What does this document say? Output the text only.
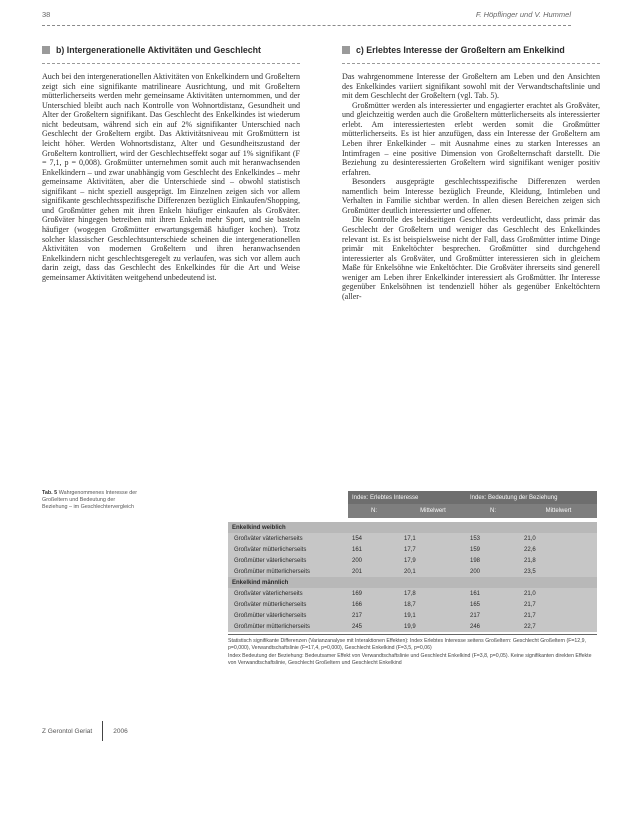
38	F. Höpflinger und V. Hummel
b) Intergenerationelle Aktivitäten und Geschlecht

Auch bei den intergenerationellen Aktivitäten von Enkelkindern und Großeltern zeigt sich eine signifikante matrilineare Ausrichtung, und mit Großeltern mütterlicherseits werden mehr gemeinsame Aktivitäten unternommen, und der Unterschied bleibt auch nach Kontrolle von Wohnortdistanz, Gesundheit und Alter der Großeltern signifikant. Das Geschlecht des Enkelkindes ist wiederum nicht bedeutsam, während sich ein auf 2% signifikanter Unterschied nach Geschlecht der Großeltern ergibt. Das Aktivitätsniveau mit Großmüttern ist leicht höher. Werden Wohnortsdistanz, Alter und Gesundheitszustand der Großeltern kontrolliert, wird der Geschlechtseffekt sogar auf 1% signifikant (F = 7,1, p = 0,008). Großmütter unternehmen somit auch mit heranwachsenden Enkelkindern – und zwar unabhängig vom Geschlecht des Enkelkindes – mehr gemeinsame Aktivitäten, aber die Unterschiede sind – obwohl statistisch signifikant – nicht speziell ausgeprägt. Im Einzelnen zeigen sich vor allem signifikante geschlechtsspezifische Differenzen bezüglich Einkaufen/Shopping, und Großmütter gehen mit ihren Enkeln häufiger einkaufen als Großväter. Großväter hingegen betreiben mit ihren Enkeln mehr Sport, und sie basteln häufiger (wogegen Großmütter erwartungsgemäß häufiger kochen). Trotz solcher klassischer Geschlechtsunterschiede scheinen die intergenerationellen Aktivitäten von modernen Großeltern und ihren heranwachsenden Enkelkindern nicht geschlechtsgeregelt zu verlaufen, was sich vor allem auch darin zeigt, dass das Geschlecht des Enkelkindes für die Art und Weise gemeinsamer Aktivitäten weitgehend unbedeutend ist.

c) Erlebtes Interesse der Großeltern am Enkelkind

Das wahrgenommene Interesse der Großeltern am Leben und den Ansichten des Enkelkindes variiert signifikant sowohl mit der Verwandtschaftslinie und mit dem Geschlecht der Großeltern (vgl. Tab. 5).

Großmütter werden als interessierter und engagierter erachtet als Großväter, und gleichzeitig werden auch die Großeltern mütterlicherseits als interessierter erlebt. Am interessiertesten erlebt werden somit die Großmütter mütterlicherseits. Es ist hier anzufügen, dass ein Interesse der Großeltern am Leben ihrer Enkelkinder – mit Ausnahme eines zu starken Interesses an Intimfragen – eine positive Dimension von Großelternschaft darstellt. Die Beziehung zu desinteressierten Großeltern wird signifikant weniger positiv erfahren.

Besonders ausgeprägte geschlechtsspezifische Differenzen werden namentlich beim Interesse bezüglich Freunde, Kleidung, Intimleben und Verhalten in Familie sichtbar werden. In allen diesen Bereichen zeigen sich Großmütter deutlich interessierter und offener.

Die Kontrolle des beidseitigen Geschlechts verdeutlicht, dass primär das Geschlecht der Großeltern und weniger das Geschlecht des Enkelkindes relevant ist. Es ist beispielsweise nicht der Fall, dass Großmütter intime Dinge primär mit Enkeltöchter besprechen. Großmütter sind durchgehend interessierter als Großväter, und Großmütter interessieren sich in gleichem Maße für Enkelsöhne wie Enkeltöchter. Die Großväter ihrerseits sind generell weniger am Leben ihrer Enkelkinder interessiert als Großmütter. Ihr Interesse gegenüber Enkelsöhnen ist tendenziell höher als gegenüber Enkeltöchtern (aller-

Tab. 5 Wahrgenommenes Interesse der Großeltern und Bedeutung der Beziehung – im Geschlechtervergleich
	Index: Erlebtes Interesse		Index: Bedeutung der Beziehung	
	N:	Mittelwert	N:	Mittelwert

Enkelkind weiblich				
Großväter väterlicherseits	154	17,1	153	21,0
Großväter mütterlicherseits	161	17,7	159	22,6
Großmütter väterlicherseits	200	17,9	198	21,8
Großmütter mütterlicherseits	201	20,1	200	23,5
Enkelkind männlich				
Großväter väterlicherseits	169	17,8	161	21,0
Großväter mütterlicherseits	166	18,7	165	21,7
Großmütter väterlicherseits	217	19,1	217	21,7
Großmütter mütterlicherseits	245	19,9	246	22,7

Statistisch signifikante Differenzen (Varianzanalyse mit Interaktionen Effekten): Index Erlebtes Interesse seitens Großeltern: Geschlecht Großeltern (F=12,9, p=0,000), Verwandtschaftslinie (F=17,4, p=0,000), Geschlecht Enkelkind (F=3,5, p=0,06)

Index Bedeutung der Beziehung: Bedeutsamer Effekt von Verwandtschaftslinie und Geschlecht Enkelkind (F=3,8, p=0,05). Keine signifikanten direkten Effekte von Verwandtschaftslinie, Geschlecht Großeltern und Geschlecht Enkelkind

Z Gerontol Geriat	2006
